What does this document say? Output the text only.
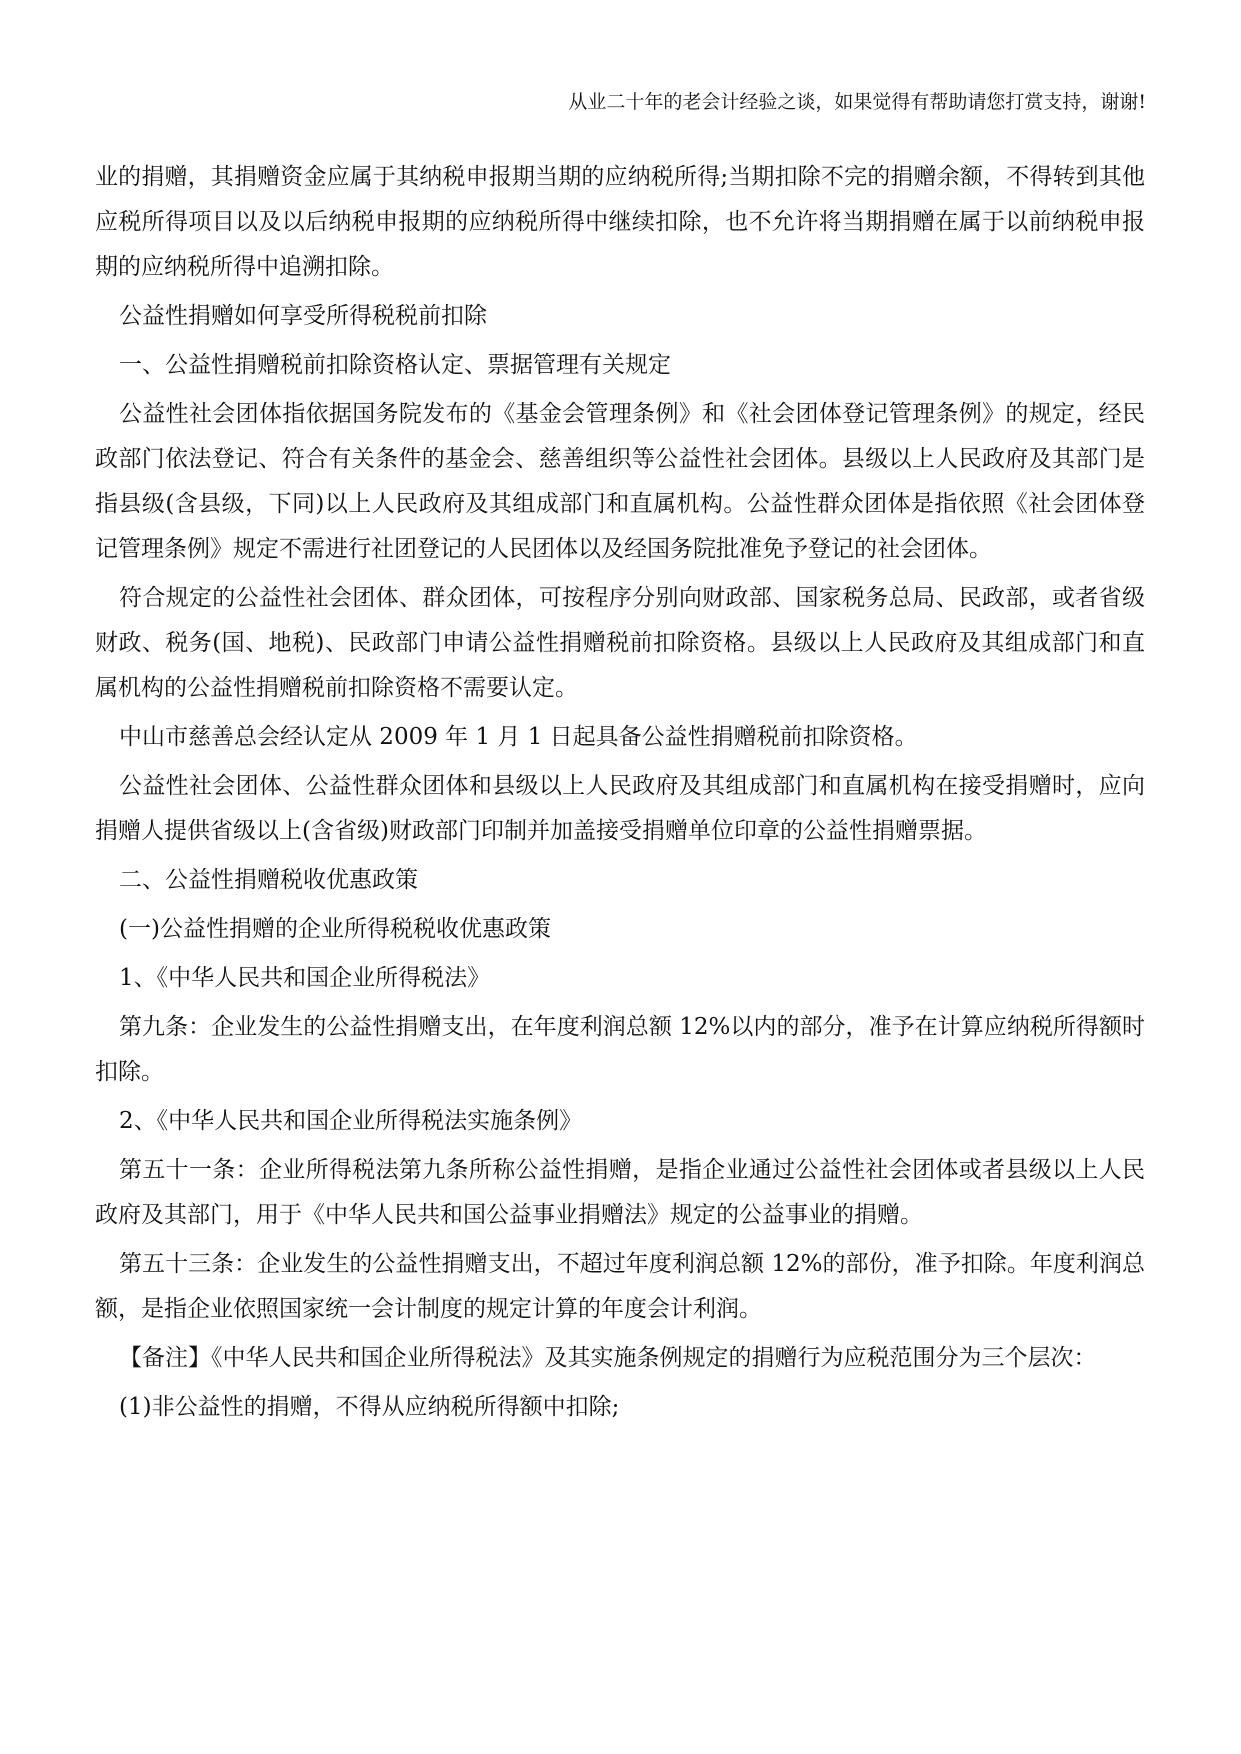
从业二十年的老会计经验之谈，如果觉得有帮助请您打赏支持，谢谢!

业的捐赠，其捐赠资金应属于其纳税申报期当期的应纳税所得;当期扣除不完的捐赠余额，不得转到其他应税所得项目以及以后纳税申报期的应纳税所得中继续扣除，也不允许将当期捐赠在属于以前纳税申报期的应纳税所得中追溯扣除。

公益性捐赠如何享受所得税税前扣除

一、公益性捐赠税前扣除资格认定、票据管理有关规定

公益性社会团体指依据国务院发布的《基金会管理条例》和《社会团体登记管理条例》的规定，经民政部门依法登记、符合有关条件的基金会、慈善组织等公益性社会团体。县级以上人民政府及其部门是指县级(含县级，下同)以上人民政府及其组成部门和直属机构。公益性群众团体是指依照《社会团体登记管理条例》规定不需进行社团登记的人民团体以及经国务院批准免予登记的社会团体。

符合规定的公益性社会团体、群众团体，可按程序分别向财政部、国家税务总局、民政部，或者省级财政、税务(国、地税)、民政部门申请公益性捐赠税前扣除资格。县级以上人民政府及其组成部门和直属机构的公益性捐赠税前扣除资格不需要认定。

中山市慈善总会经认定从 2009 年 1 月 1 日起具备公益性捐赠税前扣除资格。

公益性社会团体、公益性群众团体和县级以上人民政府及其组成部门和直属机构在接受捐赠时，应向捐赠人提供省级以上(含省级)财政部门印制并加盖接受捐赠单位印章的公益性捐赠票据。

二、公益性捐赠税收优惠政策

(一)公益性捐赠的企业所得税税收优惠政策

1、《中华人民共和国企业所得税法》

第九条：企业发生的公益性捐赠支出，在年度利润总额 12%以内的部分，准予在计算应纳税所得额时扣除。

2、《中华人民共和国企业所得税法实施条例》

第五十一条：企业所得税法第九条所称公益性捐赠，是指企业通过公益性社会团体或者县级以上人民政府及其部门，用于《中华人民共和国公益事业捐赠法》规定的公益事业的捐赠。

第五十三条：企业发生的公益性捐赠支出，不超过年度利润总额 12%的部份，准予扣除。年度利润总额，是指企业依照国家统一会计制度的规定计算的年度会计利润。

【备注】《中华人民共和国企业所得税法》及其实施条例规定的捐赠行为应税范围分为三个层次：

(1)非公益性的捐赠，不得从应纳税所得额中扣除;
